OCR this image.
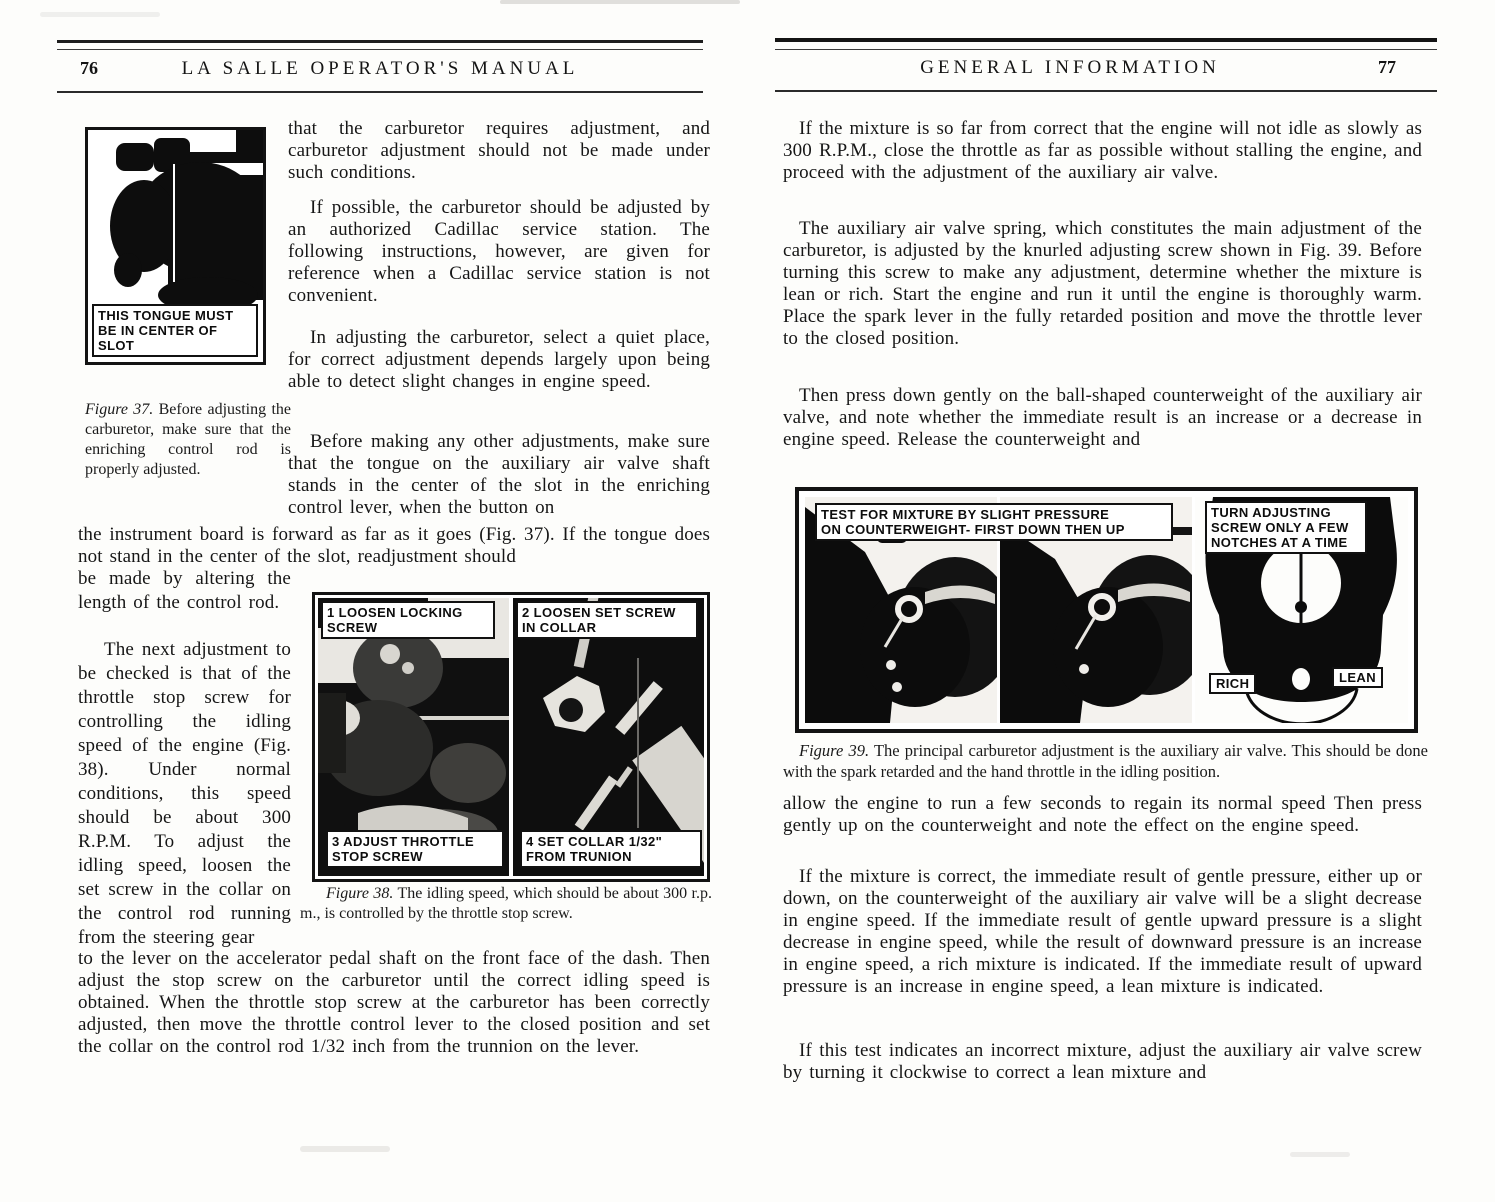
76	LA SALLE OPERATOR'S MANUAL	GENERAL INFORMATION	77
THIS TONGUE MUST BE IN CENTER OF SLOT
Figure 37. Before adjusting the carburetor, make sure that the enriching control rod is properly adjusted.
that the carburetor requires adjustment, and carburetor adjustment should not be made under such conditions.
If possible, the carburetor should be adjusted by an authorized Cadillac service station. The following instructions, however, are given for reference when a Cadillac service station is not convenient.
In adjusting the carburetor, select a quiet place, for correct adjustment depends largely upon being able to detect slight changes in engine speed.
Before making any other adjustments, make sure that the tongue on the auxiliary air valve shaft stands in the center of the slot in the enriching control lever, when the button on
the instrument board is forward as far as it goes (Fig. 37). If the tongue does not stand in the center of the slot, readjustment should
be made by altering the length of the control rod.
The next adjustment to be checked is that of the throttle stop screw for controlling the idling speed of the engine (Fig. 38). Under normal conditions, this speed should be about 300 R.P.M. To adjust the idling speed, loosen the set screw in the collar on the control rod running from the steering gear
to the lever on the accelerator pedal shaft on the front face of the dash. Then adjust the stop screw on the carburetor until the correct idling speed is obtained. When the throttle stop screw at the carburetor has been correctly adjusted, then move the throttle control lever to the closed position and set the collar on the control rod 1/32 inch from the trunnion on the lever.
1 LOOSEN LOCKING SCREW
2 LOOSEN SET SCREW IN COLLAR
3 ADJUST THROTTLE STOP SCREW
4 SET COLLAR 1/32" FROM TRUNION
Figure 38. The idling speed, which should be about 300 r.p. m., is controlled by the throttle stop screw.
If the mixture is so far from correct that the engine will not idle as slowly as 300 R.P.M., close the throttle as far as possible without stalling the engine, and proceed with the adjustment of the auxiliary air valve.
The auxiliary air valve spring, which constitutes the main adjustment of the carburetor, is adjusted by the knurled adjusting screw shown in Fig. 39. Before turning this screw to make any adjustment, determine whether the mixture is lean or rich. Start the engine and run it until the engine is thoroughly warm. Place the spark lever in the fully retarded position and move the throttle lever to the closed position.
Then press down gently on the ball-shaped counterweight of the auxiliary air valve, and note whether the immediate result is an increase or a decrease in engine speed. Release the counterweight and
TEST FOR MIXTURE BY SLIGHT PRESSURE
ON COUNTERWEIGHT- FIRST DOWN THEN UP
TURN ADJUSTING SCREW ONLY A FEW NOTCHES AT A TIME
RICH	LEAN
Figure 39. The principal carburetor adjustment is the auxiliary air valve. This should be done with the spark retarded and the hand throttle in the idling position.
allow the engine to run a few seconds to regain its normal speed Then press gently up on the counterweight and note the effect on the engine speed.
If the mixture is correct, the immediate result of gentle pressure, either up or down, on the counterweight of the auxiliary air valve will be a slight decrease in engine speed. If the immediate result of gentle upward pressure is a slight decrease in engine speed, while the result of downward pressure is an increase in engine speed, a rich mixture is indicated. If the immediate result of upward pressure is an increase in engine speed, a lean mixture is indicated.
If this test indicates an incorrect mixture, adjust the auxiliary air valve screw by turning it clockwise to correct a lean mixture and
